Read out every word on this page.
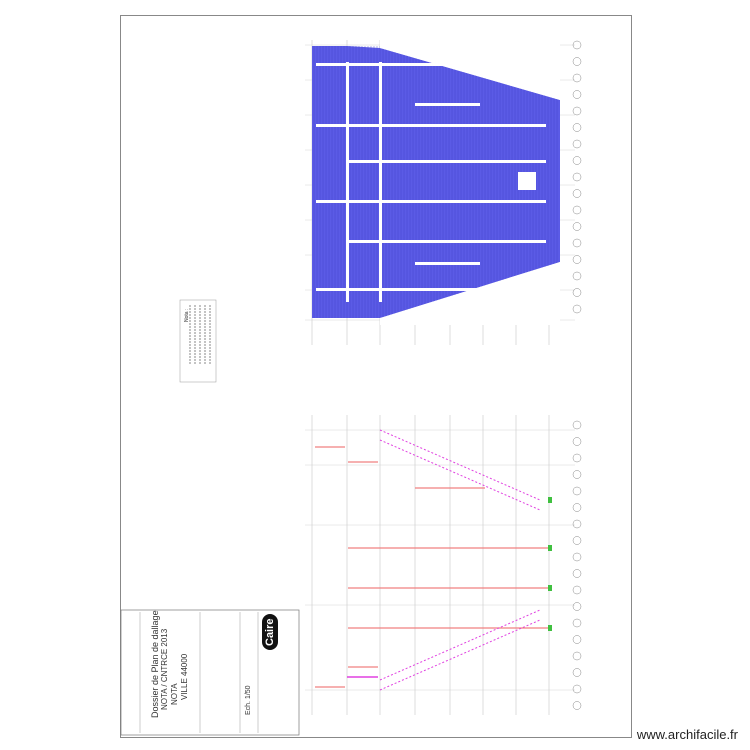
Dossier de Plan de dallage NOTA
NOTA / CNTRCE 2013 VILLE 44000
Ech. 1/50
Caire
Nota :
www.archifacile.fr
